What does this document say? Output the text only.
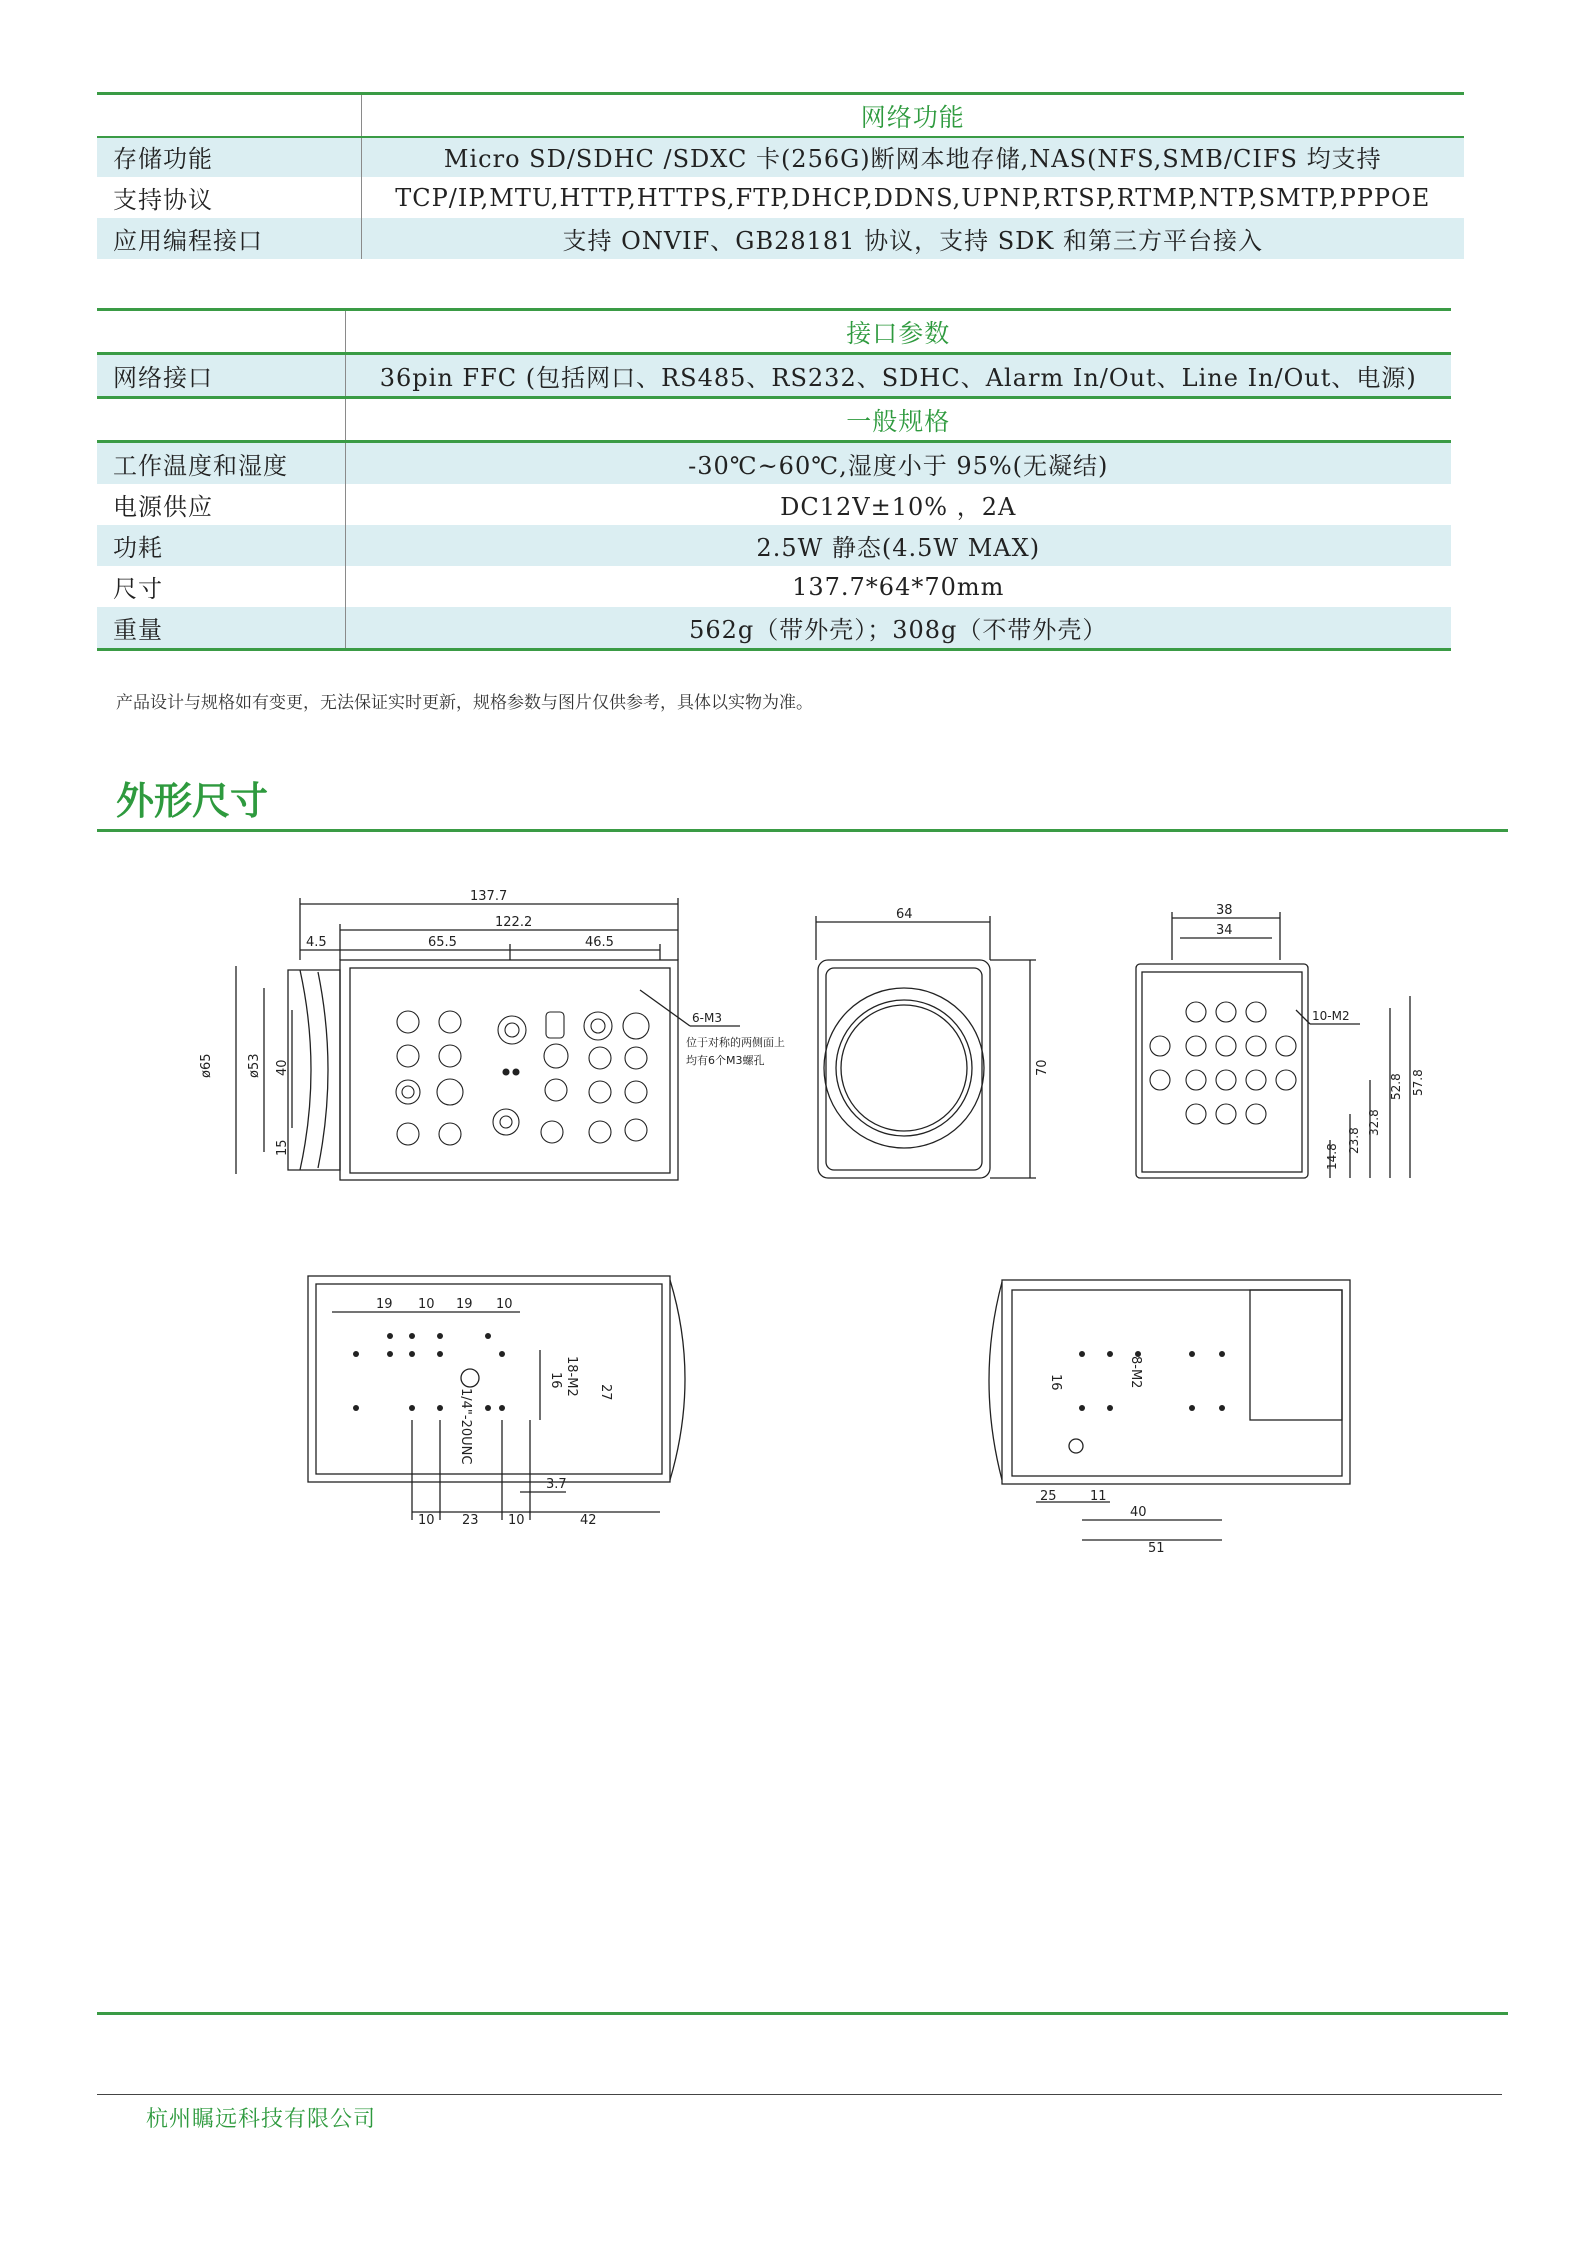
	网络功能
存储功能	Micro SD/SDHC /SDXC 卡(256G)断网本地存储,NAS(NFS,SMB/CIFS 均支持
支持协议	TCP/IP,MTU,HTTP,HTTPS,FTP,DHCP,DDNS,UPNP,RTSP,RTMP,NTP,SMTP,PPPOE
应用编程接口	支持 ONVIF、GB28181 协议，支持 SDK 和第三方平台接入
	接口参数
网络接口	36pin FFC (包括网口、RS485、RS232、SDHC、Alarm In/Out、Line In/Out、电源)
	一般规格
工作温度和湿度	-30℃~60℃,湿度小于 95%(无凝结)
电源供应	DC12V±10% ，2A
功耗	2.5W 静态(4.5W MAX)
尺寸	137.7*64*70mm
重量	562g（带外壳）；308g（不带外壳）
产品设计与规格如有变更，无法保证实时更新，规格参数与图片仅供参考，具体以实物为准。
外形尺寸
137.7
122.2
65.5	46.5
4.5
ø65	ø53 40
15
6-M3
位于对称的两侧面上
均有6个M3螺孔
64
70
38
34
10-M2
57.8
52.8
32.8
23.8
14.8
19 10 19 10
27
18-M2
16
1/4"-20UNC
10 23 10	42
3.7
8-M2
16
25	11
40
51
杭州瞩远科技有限公司
